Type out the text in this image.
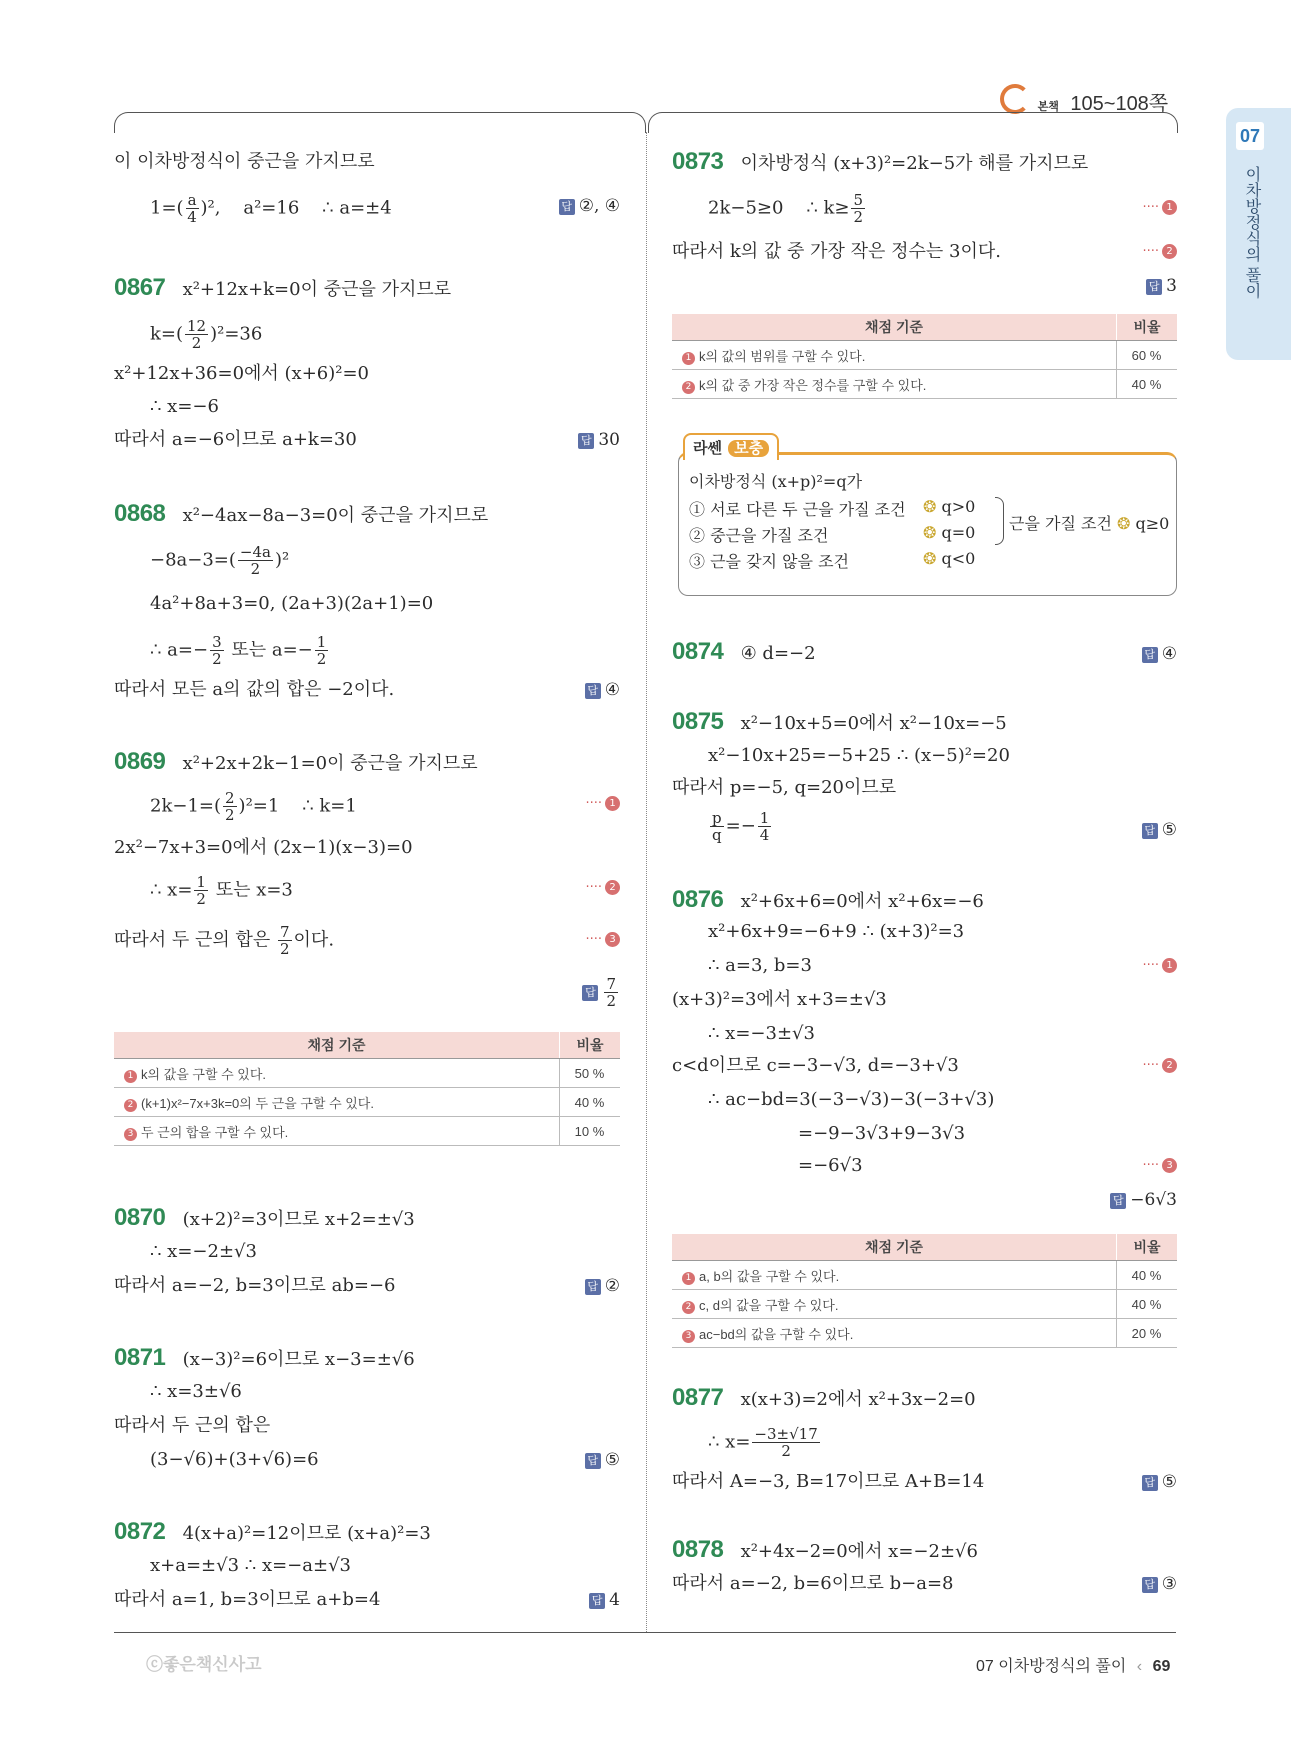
본책 105~108쪽
07
이차방정식의 풀이
이 이차방정식이 중근을 가지므로
$1=( \frac{a}{4} )^2$,    a²=16    ∴ a=±4	답 ②, ④
0867 x²+12x+k=0이 중근을 가지므로
$k=( \frac{12}{2} )^2=36$
x²+12x+36=0에서 (x+6)²=0
∴ x=−6
따라서 a=−6이므로 a+k=30	답 30
0868 x²−4ax−8a−3=0이 중근을 가지므로
$-8a-3=( \frac{-4a}{2} )^2$
4a²+8a+3=0, (2a+3)(2a+1)=0
∴ $a=- \frac{3}{2}$ 또는 $a=- \frac{1}{2}$
따라서 모든 a의 값의 합은 −2이다.	답 ④
0869 x²+2x+2k−1=0이 중근을 가지므로
$2k-1=( \frac{2}{2} )^2=1$    ∴ k=1	···· 1
2x²−7x+3=0에서 (2x−1)(x−3)=0
∴ $x= \frac{1}{2}$ 또는 x=3	···· 2
따라서 두 근의 합은 $\frac{7}{2}$ 이다.	···· 3
답 $\frac{7}{2}$
채점 기준	비율
1 k의 값을 구할 수 있다.	50 %
2 (k+1)x²−7x+3k=0의 두 근을 구할 수 있다.	40 %
3 두 근의 합을 구할 수 있다.	10 %
0870 (x+2)²=3이므로 x+2=±√3
∴ x=−2±√3
따라서 a=−2, b=3이므로 ab=−6	답 ②
0871 (x−3)²=6이므로 x−3=±√6
∴ x=3±√6
따라서 두 근의 합은
(3−√6)+(3+√6)=6	답 ⑤
0872 4(x+a)²=12이므로 (x+a)²=3
x+a=±√3 ∴ x=−a±√3
따라서 a=1, b=3이므로 a+b=4	답 4
0873 이차방정식 (x+3)²=2k−5가 해를 가지므로
2k−5≥0    ∴ $k\ge \frac{5}{2}$	···· 1
따라서 k의 값 중 가장 작은 정수는 3이다.	···· 2
답 3
채점 기준	비율
1 k의 값의 범위를 구할 수 있다.	60 %
2 k의 값 중 가장 작은 정수를 구할 수 있다.	40 %
라쎈 보충
이차방정식 (x+p)²=q가
① 서로 다른 두 근을 가질 조건 ❂ q>0
② 중근을 가질 조건	❂ q=0
③ 근을 갖지 않을 조건	❂ q<0
근을 가질 조건 ❂ q≥0
0874 ④ d=−2	답 ④
0875 x²−10x+5=0에서 x²−10x=−5
x²−10x+25=−5+25 ∴ (x−5)²=20
따라서 p=−5, q=20이므로
$\frac{p}{q} =- \frac{1}{4}$	답 ⑤
0876 x²+6x+6=0에서 x²+6x=−6
x²+6x+9=−6+9 ∴ (x+3)²=3
∴ a=3, b=3	···· 1
(x+3)²=3에서 x+3=±√3
∴ x=−3±√3
c<d이므로 c=−3−√3, d=−3+√3	···· 2
∴ ac−bd=3(−3−√3)−3(−3+√3)
=−9−3√3+9−3√3
=−6√3	···· 3
답 −6√3
채점 기준	비율
1 a, b의 값을 구할 수 있다.	40 %
2 c, d의 값을 구할 수 있다.	40 %
3 ac−bd의 값을 구할 수 있다.	20 %
0877 x(x+3)=2에서 x²+3x−2=0
∴ $x= \frac{-3\pm√17}{2}$
따라서 A=−3, B=17이므로 A+B=14	답 ⑤
0878 x²+4x−2=0에서 x=−2±√6
따라서 a=−2, b=6이므로 b−a=8	답 ③
ⓒ좋은책신사고	07 이차방정식의 풀이 ‹ 69
